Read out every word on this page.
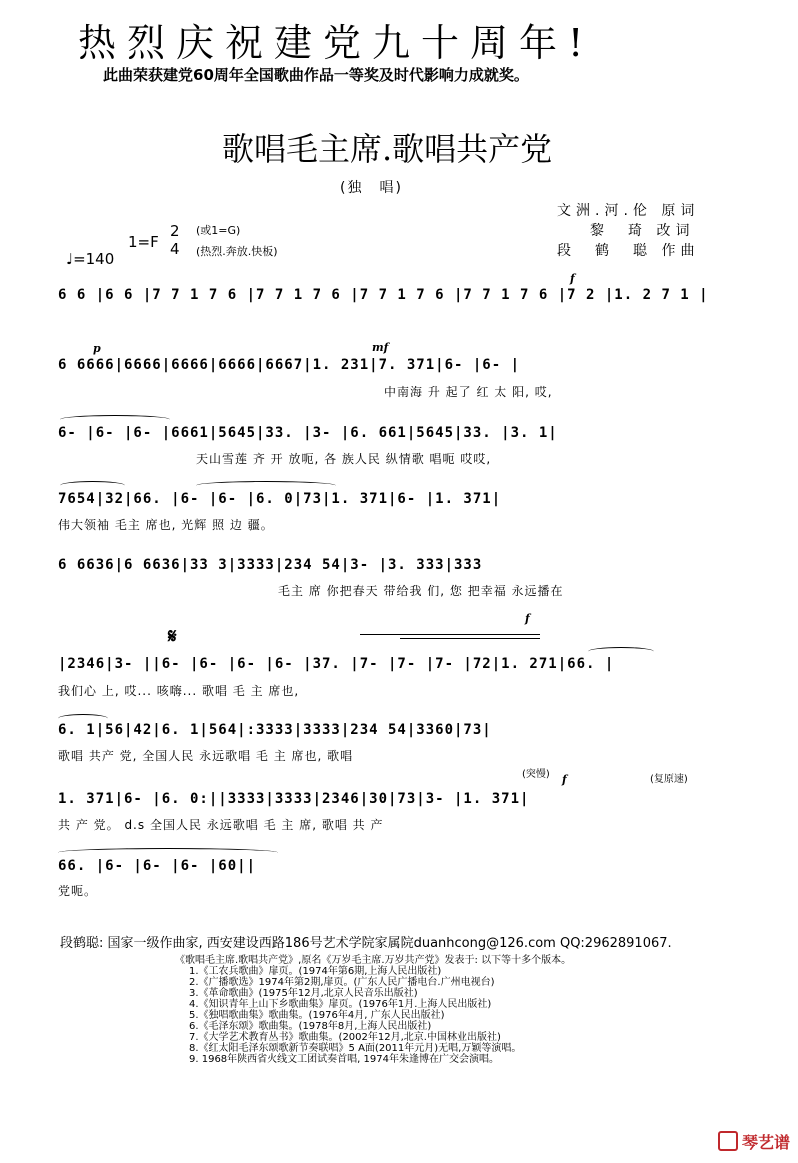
热烈庆祝建党九十周年!
此曲荣获建党60周年全国歌曲作品一等奖及时代影响力成就奖。
歌唱毛主席.歌唱共产党
(独　唱)
文洲.河.伦 原词
黎　琦 改词
段　鹤　聪 作曲
♩=140
1=F
2
4
(或1=G)
(热烈.奔放.快板)
6 6 |6 6 |7 7 1 7 6 |7 7 1 7 6 |7 7 1 7 6 |7 7 1 7 6 |7 2 |1. 2 7 1 |
6 6666|6666|6666|6666|6667|1. 231|7. 371|6- |6- |
中南海 升 起了 红 太 阳, 哎,
6- |6- |6- |6661|5645|33. |3- |6. 661|5645|33. |3. 1|
天山雪莲 齐 开 放呃, 各 族人民 纵情歌 唱呃 哎哎,
7654|32|66. |6- |6- |6. 0|73|1. 371|6- |1. 371|
伟大领袖 毛主 席也, 光辉 照 边 疆。
6 6636|6 6636|33 3|3333|234 54|3- |3. 333|333
毛主 席 你把春天 带给我 们, 您 把幸福 永远播在
|2346|3- ||6- |6- |6- |6- |37. |7- |7- |7- |72|1. 271|66. |
我们心 上, 哎... 咳嗨... 歌唱 毛 主 席也,
6. 1|56|42|6. 1|564|:3333|3333|234 54|3360|73|
歌唱 共产 党, 全国人民 永远歌唱 毛 主 席也, 歌唱
1. 371|6- |6. 0:||3333|3333|2346|30|73|3- |1. 371|
共 产 党。 d.s 全国人民 永远歌唱 毛 主 席, 歌唱 共 产
66. |6- |6- |6- |60||
党呃。
f
p	mf
𝄋
f
f
(突慢)	(复原速)
段鹤聪: 国家一级作曲家, 西安建设西路186号艺术学院家属院duanhcong@126.com QQ:2962891067.
《歌唱毛主席.歌唱共产党》,原名《万岁毛主席.万岁共产党》发表于: 以下等十多个版本。
1.《工农兵歌曲》扉页。(1974年第6期,上海人民出版社)
2.《广播歌选》1974年第2期,扉页。(广东人民广播电台.广州电视台)
3.《革命歌曲》(1975年12月,北京人民音乐出版社)
4.《知识青年上山下乡歌曲集》扉页。(1976年1月.上海人民出版社)
5.《独唱歌曲集》歌曲集。(1976年4月, 广东人民出版社)
6.《毛泽东颂》歌曲集。(1978年8月,上海人民出版社)
7.《大学艺术教育丛书》歌曲集。(2002年12月,北京.中国林业出版社)
8.《红太阳毛泽东颂歌新节奏联唱》5 A面(2011年元月)无唱,万颖等演唱。
9. 1968年陕西省火线文工团试奏首唱, 1974年朱逢博在广交会演唱。
琴艺谱
